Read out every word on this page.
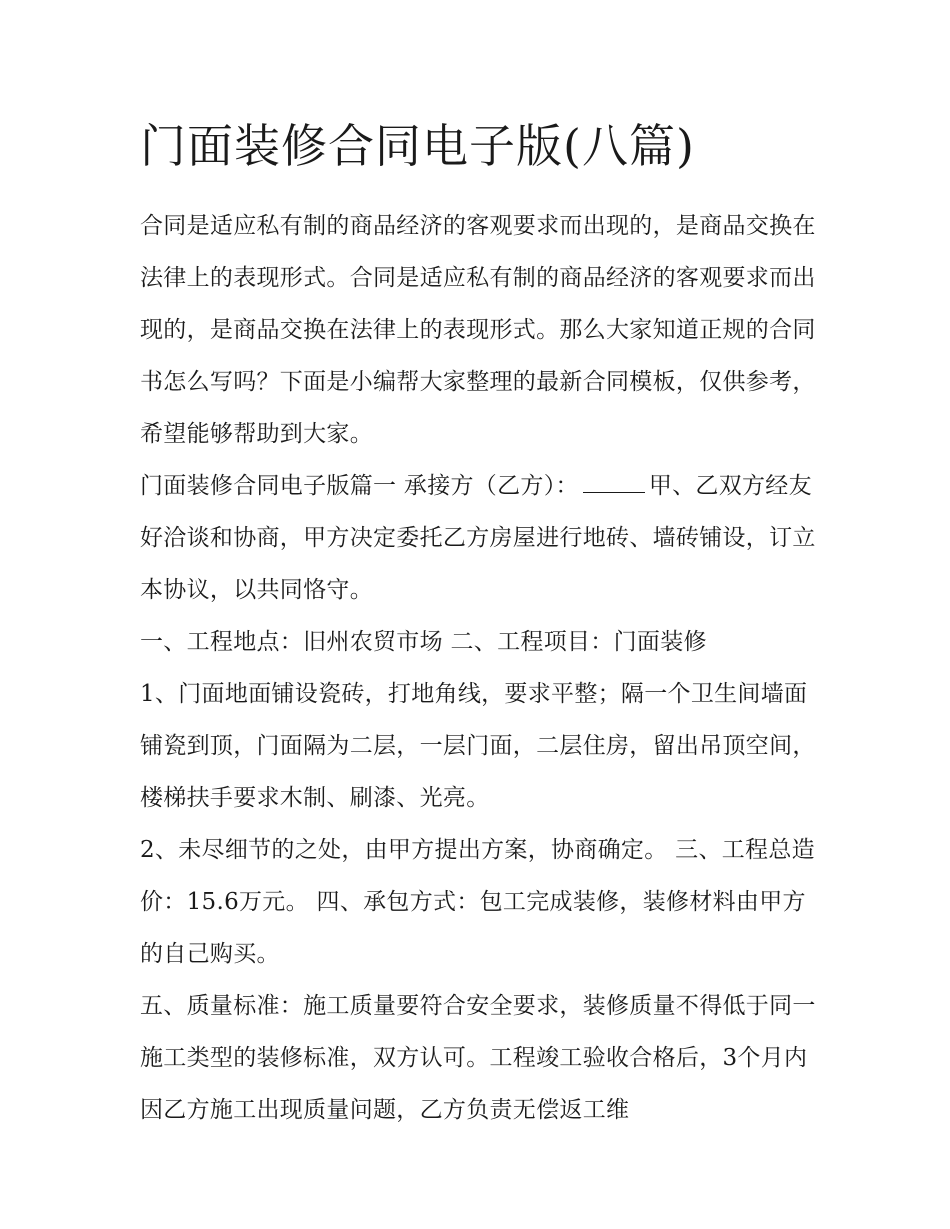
门面装修合同电子版(八篇)

合同是适应私有制的商品经济的客观要求而出现的，是商品交换在法律上的表现形式。合同是适应私有制的商品经济的客观要求而出现的，是商品交换在法律上的表现形式。那么大家知道正规的合同书怎么写吗？下面是小编帮大家整理的最新合同模板，仅供参考，希望能够帮助到大家。

门面装修合同电子版篇一 承接方（乙方）：	甲、乙双方经友好洽谈和协商，甲方决定委托乙方房屋进行地砖、墙砖铺设，订立本协议，以共同恪守。

一、工程地点：旧州农贸市场 二、工程项目：门面装修

1、门面地面铺设瓷砖，打地角线，要求平整；隔一个卫生间墙面铺瓷到顶，门面隔为二层，一层门面，二层住房，留出吊顶空间，楼梯扶手要求木制、刷漆、光亮。

2、未尽细节的之处，由甲方提出方案，协商确定。 三、工程总造价：15.6万元。 四、承包方式：包工完成装修，装修材料由甲方的自己购买。

五、质量标准：施工质量要符合安全要求，装修质量不得低于同一施工类型的装修标准，双方认可。工程竣工验收合格后，3个月内因乙方施工出现质量问题，乙方负责无偿返工维
